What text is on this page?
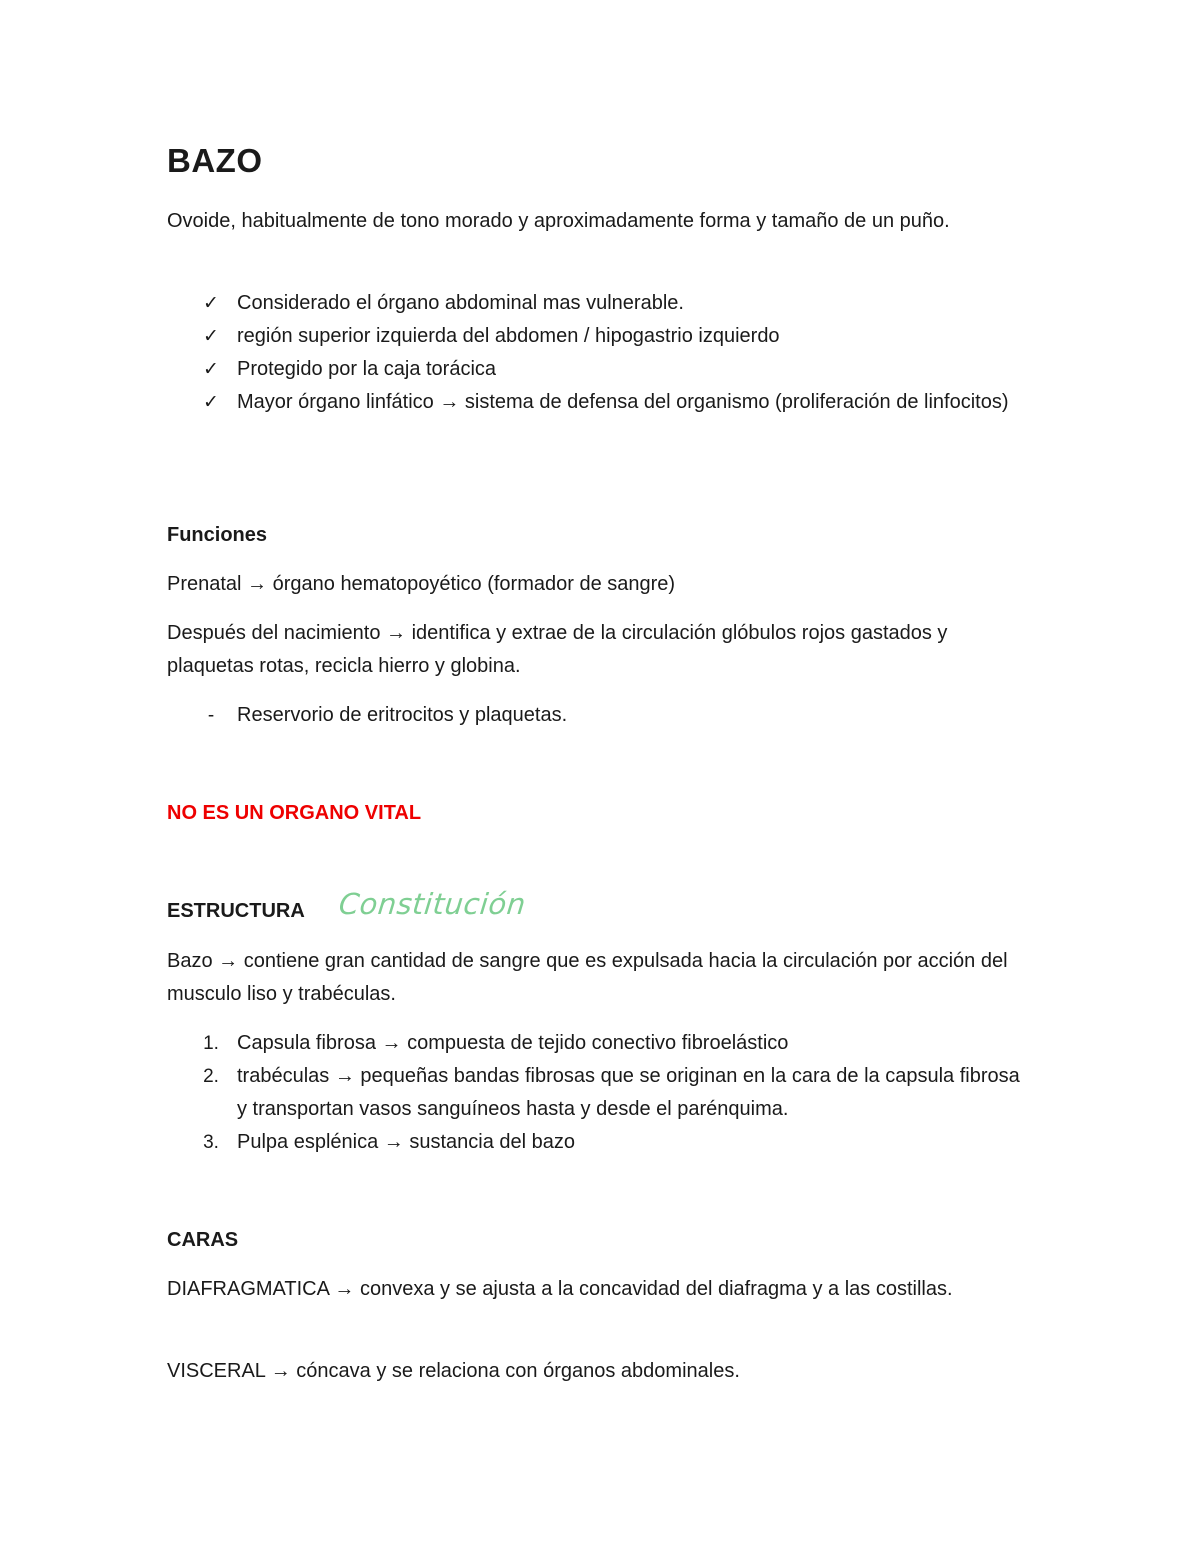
BAZO

Ovoide, habitualmente de tono morado y aproximadamente forma y tamaño de un puño.

✓ Considerado el órgano abdominal mas vulnerable.
✓ región superior izquierda del abdomen / hipogastrio izquierdo
✓ Protegido por la caja torácica
✓ Mayor órgano linfático → sistema de defensa del organismo (proliferación de linfocitos)
Funciones

Prenatal → órgano hematopoyético (formador de sangre)

Después del nacimiento → identifica y extrae de la circulación glóbulos rojos gastados y plaquetas rotas, recicla hierro y globina.

-	Reservorio de eritrocitos y plaquetas.
NO ES UN ORGANO VITAL
ESTRUCTURA Constitución

Bazo → contiene gran cantidad de sangre que es expulsada hacia la circulación por acción del musculo liso y trabéculas.

1. Capsula fibrosa → compuesta de tejido conectivo fibroelástico
2. trabéculas → pequeñas bandas fibrosas que se originan en la cara de la capsula fibrosa y transportan vasos sanguíneos hasta y desde el parénquima.
3. Pulpa esplénica → sustancia del bazo
CARAS

DIAFRAGMATICA → convexa y se ajusta a la concavidad del diafragma y a las costillas.

VISCERAL → cóncava y se relaciona con órganos abdominales.
